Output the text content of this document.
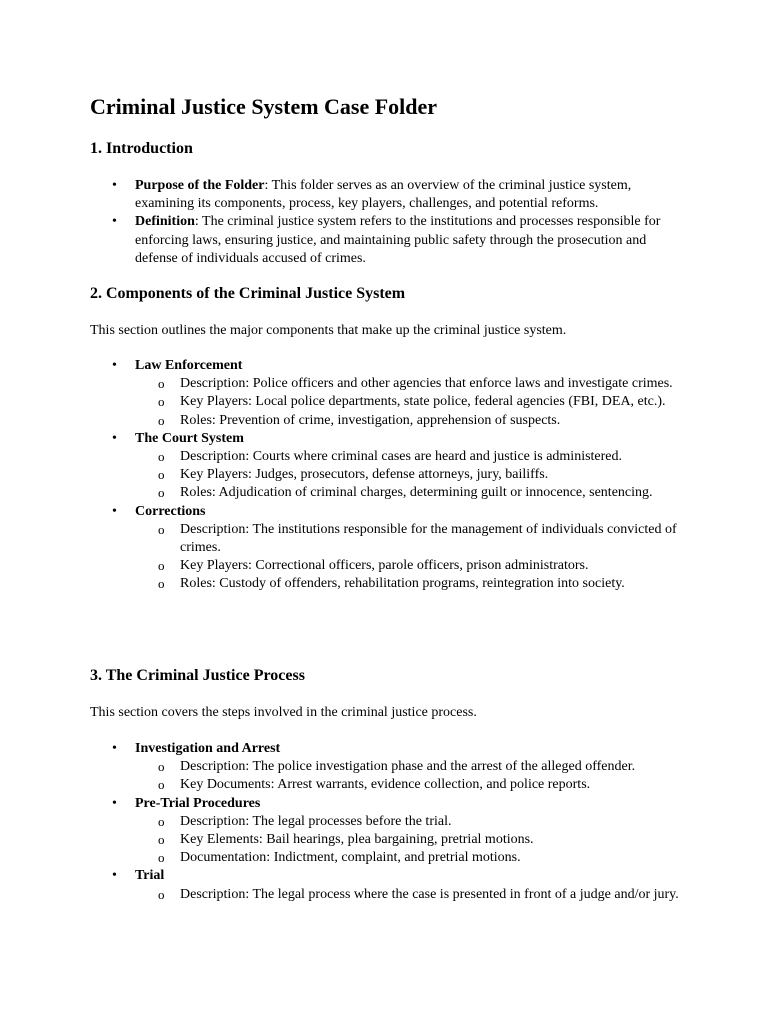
Criminal Justice System Case Folder
1. Introduction
•	Purpose of the Folder: This folder serves as an overview of the criminal justice system, examining its components, process, key players, challenges, and potential reforms.
•	Definition: The criminal justice system refers to the institutions and processes responsible for enforcing laws, ensuring justice, and maintaining public safety through the prosecution and defense of individuals accused of crimes.
2. Components of the Criminal Justice System

This section outlines the major components that make up the criminal justice system.

•	Law Enforcement
o Description: Police officers and other agencies that enforce laws and investigate crimes.
o Key Players: Local police departments, state police, federal agencies (FBI, DEA, etc.).
o Roles: Prevention of crime, investigation, apprehension of suspects.
•	The Court System
o Description: Courts where criminal cases are heard and justice is administered.
o Key Players: Judges, prosecutors, defense attorneys, jury, bailiffs.
o Roles: Adjudication of criminal charges, determining guilt or innocence, sentencing.
•	Corrections
o Description: The institutions responsible for the management of individuals convicted of crimes.
o Key Players: Correctional officers, parole officers, prison administrators.
o Roles: Custody of offenders, rehabilitation programs, reintegration into society.
3. The Criminal Justice Process

This section covers the steps involved in the criminal justice process.

•	Investigation and Arrest
o Description: The police investigation phase and the arrest of the alleged offender.
o Key Documents: Arrest warrants, evidence collection, and police reports.
•	Pre-Trial Procedures
o Description: The legal processes before the trial.
o Key Elements: Bail hearings, plea bargaining, pretrial motions.
o Documentation: Indictment, complaint, and pretrial motions.
•	Trial
o Description: The legal process where the case is presented in front of a judge and/or jury.
